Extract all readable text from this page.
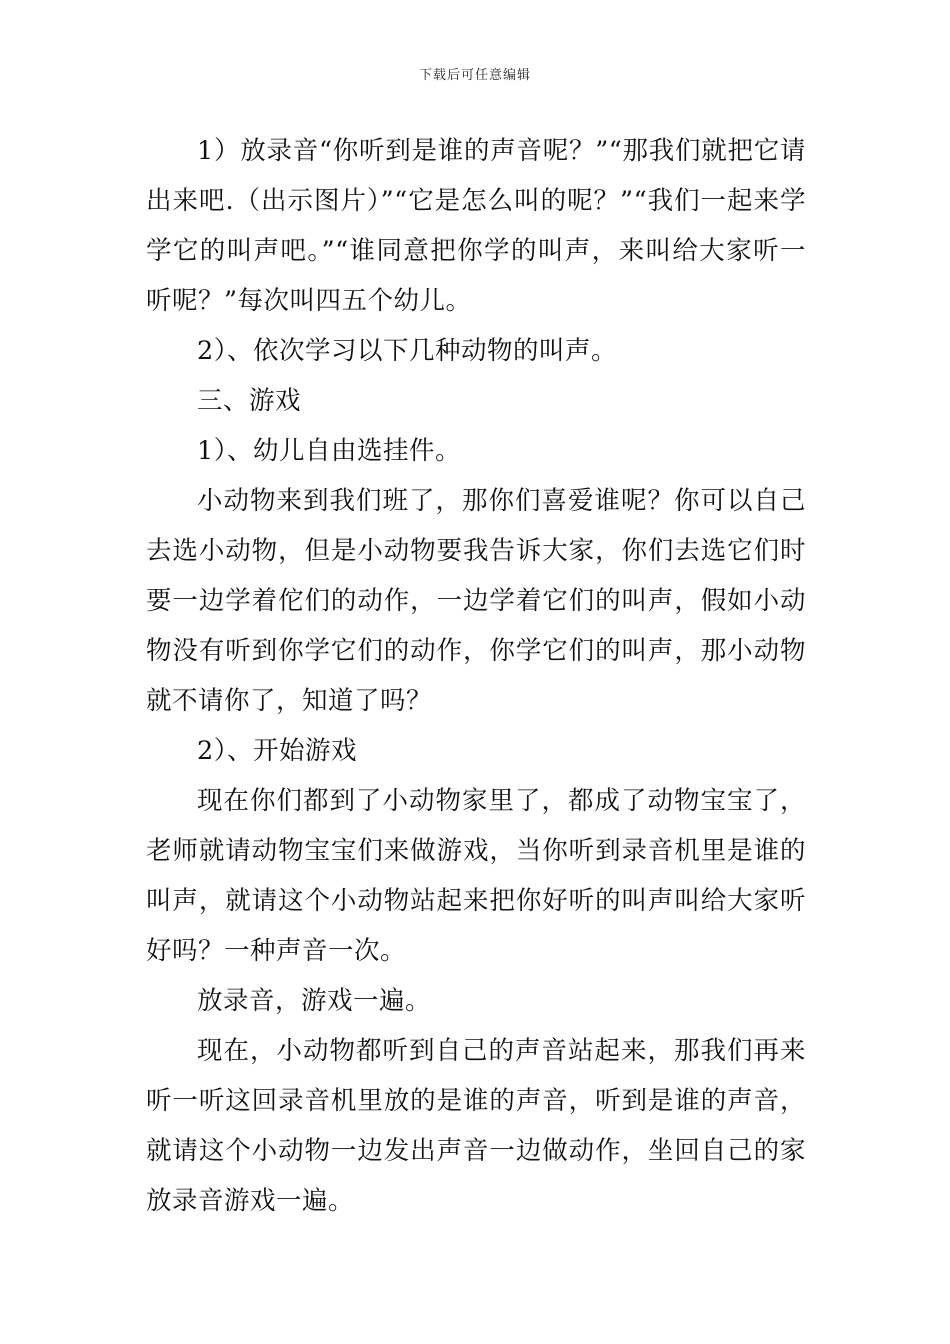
下载后可任意编辑

1）放录音“你听到是谁的声音呢？”“那我们就把它请出来吧.（出示图片）”“它是怎么叫的呢？”“我们一起来学学它的叫声吧。”“谁同意把你学的叫声，来叫给大家听一听呢？”每次叫四五个幼儿。

2）、依次学习以下几种动物的叫声。

三、游戏

1）、幼儿自由选挂件。

小动物来到我们班了，那你们喜爱谁呢？你可以自己去选小动物，但是小动物要我告诉大家，你们去选它们时要一边学着佗们的动作，一边学着它们的叫声，假如小动物没有听到你学它们的动作，你学它们的叫声，那小动物就不请你了，知道了吗？

2）、开始游戏

现在你们都到了小动物家里了，都成了动物宝宝了，老师就请动物宝宝们来做游戏，当你听到录音机里是谁的叫声，就请这个小动物站起来把你好听的叫声叫给大家听好吗？一种声音一次。

放录音，游戏一遍。

现在，小动物都听到自己的声音站起来，那我们再来听一听这回录音机里放的是谁的声音，听到是谁的声音，就请这个小动物一边发出声音一边做动作，坐回自己的家放录音游戏一遍。
